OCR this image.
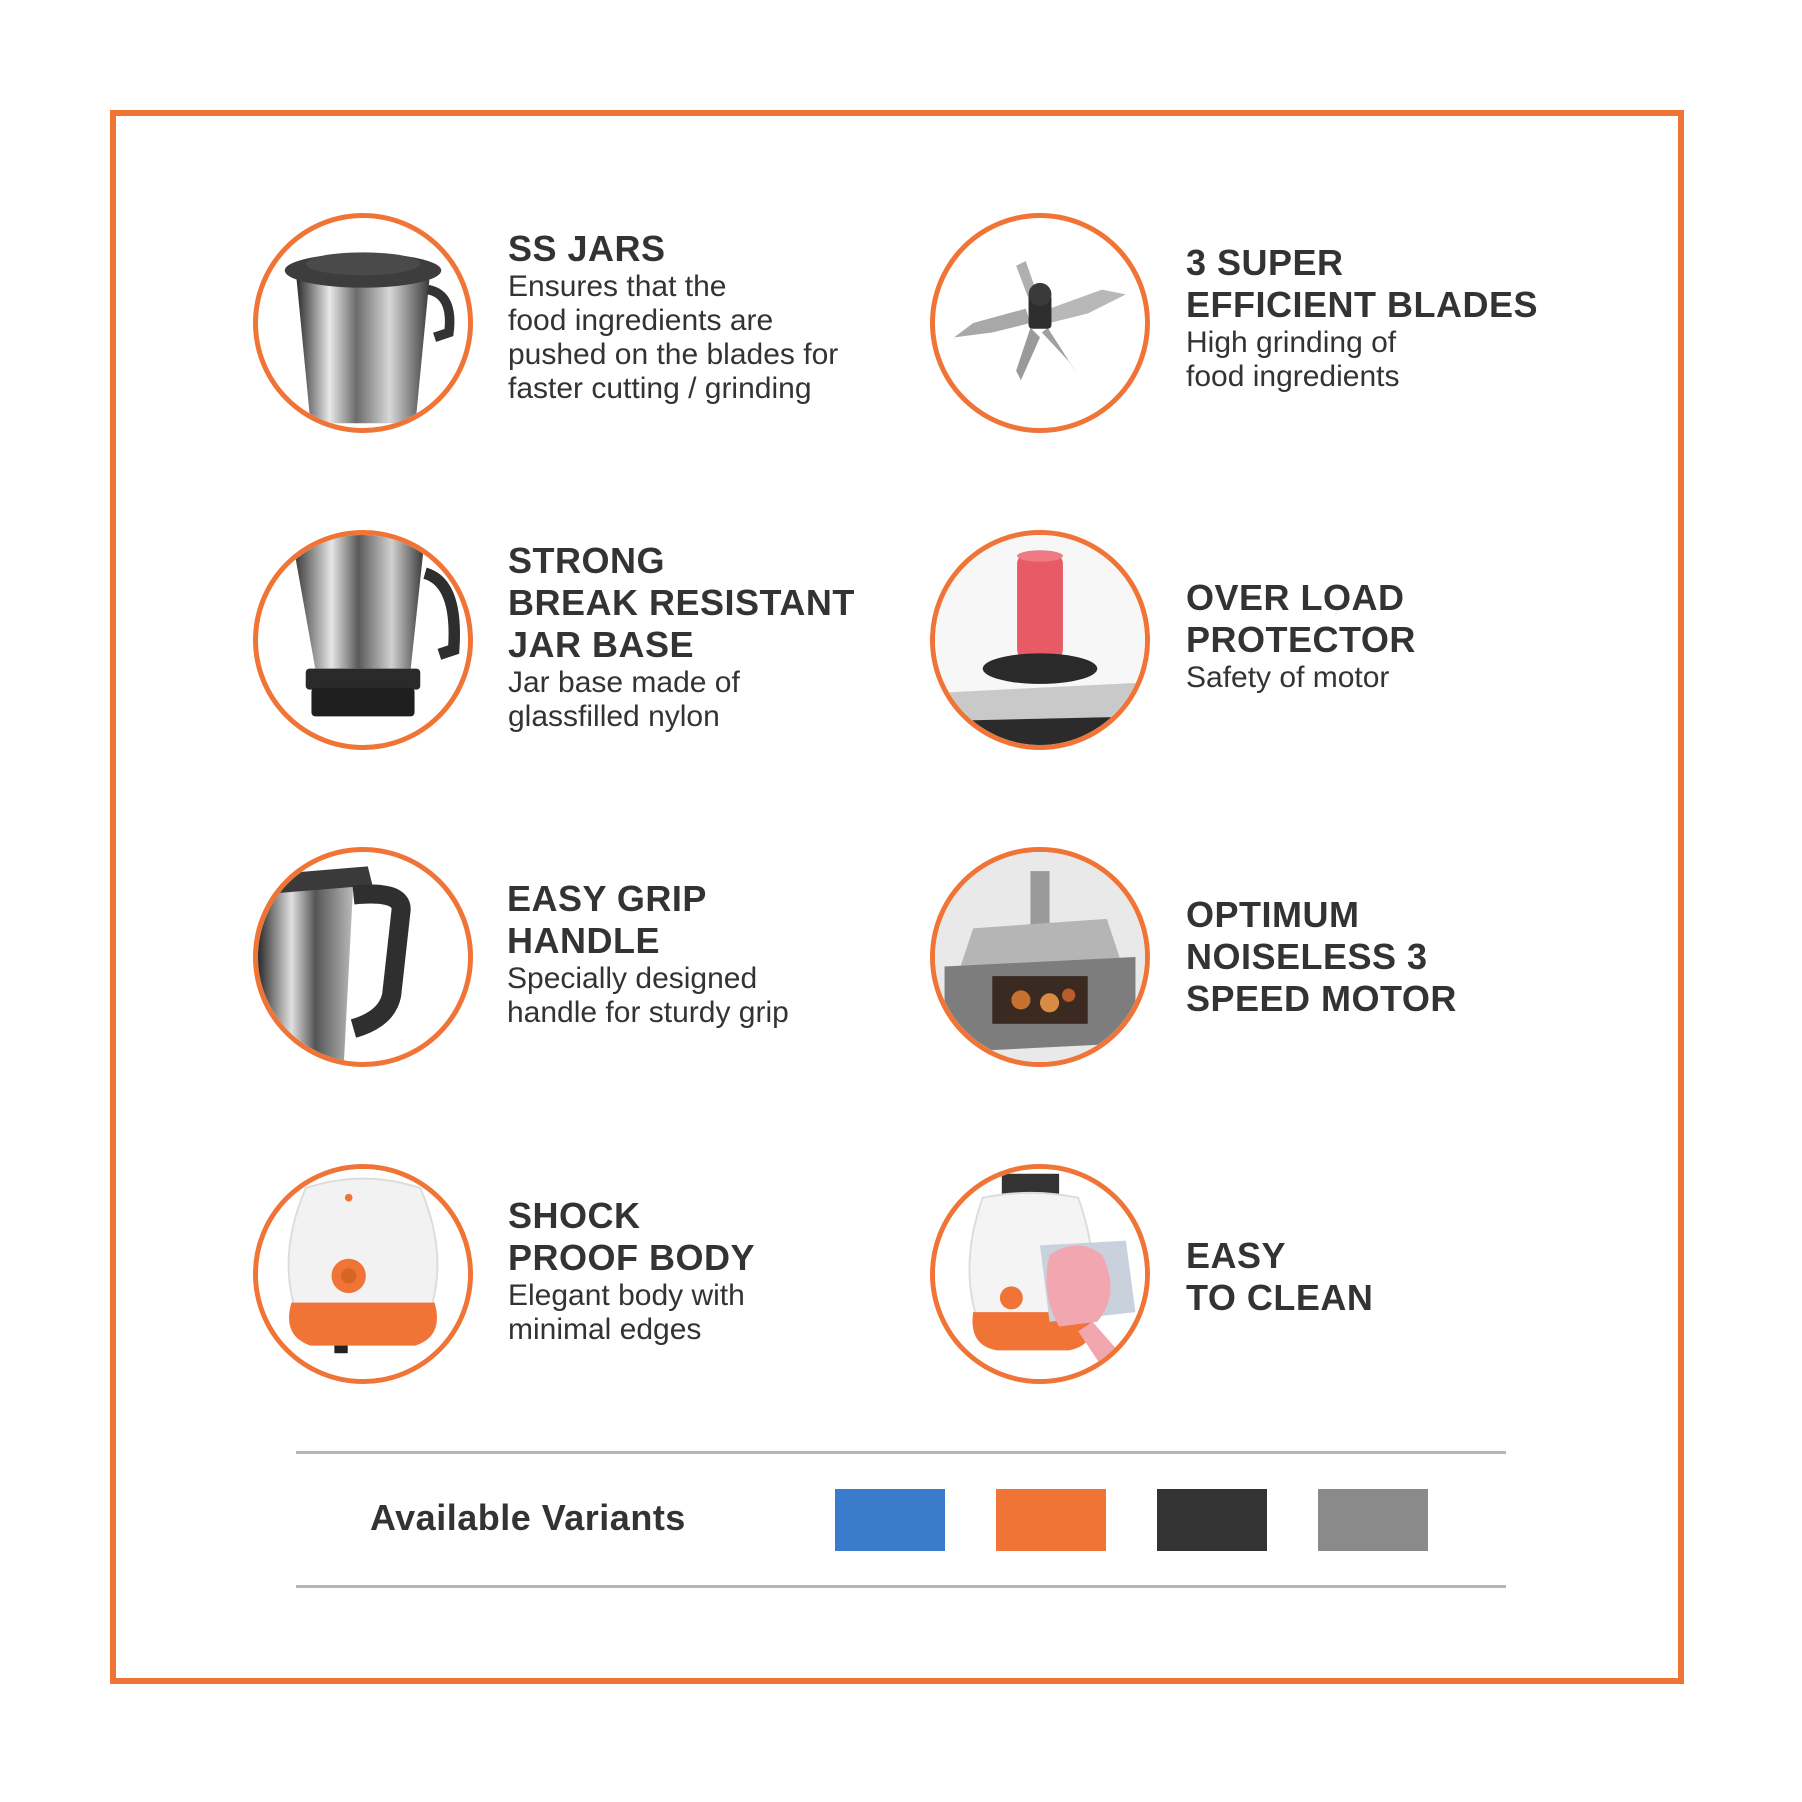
SS JARS
Ensures that the
food ingredients are
pushed on the blades for
faster cutting / grinding
3 SUPER
EFFICIENT BLADES
High grinding of
food ingredients
STRONG
BREAK RESISTANT
JAR BASE
Jar base made of
glassfilled nylon
OVER LOAD
PROTECTOR
Safety of motor
EASY GRIP
HANDLE
Specially designed
handle for sturdy grip
OPTIMUM
NOISELESS 3
SPEED MOTOR
SHOCK
PROOF BODY
Elegant body with
minimal edges
EASY
TO CLEAN
Available Variants
